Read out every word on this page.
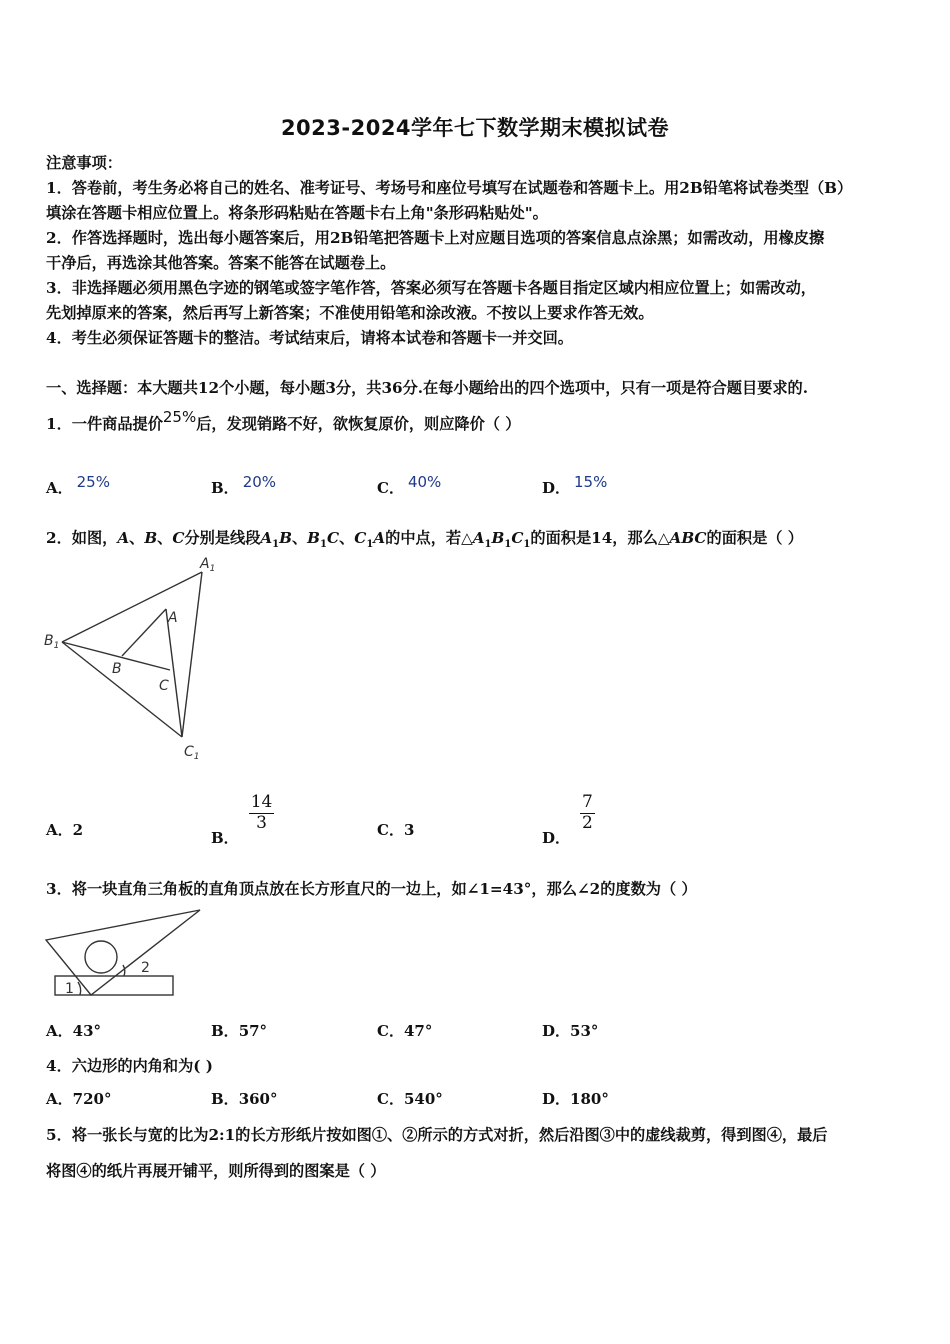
2023-2024学年七下数学期末模拟试卷
注意事项：
1．答卷前，考生务必将自己的姓名、准考证号、考场号和座位号填写在试题卷和答题卡上。用2B铅笔将试卷类型（B）
填涂在答题卡相应位置上。将条形码粘贴在答题卡右上角"条形码粘贴处"。
2．作答选择题时，选出每小题答案后，用2B铅笔把答题卡上对应题目选项的答案信息点涂黑；如需改动，用橡皮擦
干净后，再选涂其他答案。答案不能答在试题卷上。
3．非选择题必须用黑色字迹的钢笔或签字笔作答，答案必须写在答题卡各题目指定区域内相应位置上；如需改动，
先划掉原来的答案，然后再写上新答案；不准使用铅笔和涂改液。不按以上要求作答无效。
4．考生必须保证答题卡的整洁。考试结束后，请将本试卷和答题卡一并交回。
一、选择题：本大题共12个小题，每小题3分，共36分.在每小题给出的四个选项中，只有一项是符合题目要求的.
1．一件商品提价25%后，发现销路不好，欲恢复原价，则应降价（ ）
A． 25%	B． 20%	C． 40%	D． 15%
2．如图，A、B、C分别是线段$A_1B$、$B_1C$、$C_1A$的中点，若$\triangle A_1B_1C_1$的面积是14，那么△ABC的面积是（ ）
$A_1$
$B_1$
$C_1$
A
B
C
A．2	B．
$\frac{14}{3}$	C．3	D．
$\frac{7}{2}$
3．将一块直角三角板的直角顶点放在长方形直尺的一边上，如∠1=43°，那么∠2的度数为（ ）
2
1
A．43°	B．57°	C．47°	D．53°
4．六边形的内角和为( )
A．720°	B．360°	C．540°	D．180°
5．将一张长与宽的比为2:1的长方形纸片按如图①、②所示的方式对折，然后沿图③中的虚线裁剪，得到图④，最后
将图④的纸片再展开铺平，则所得到的图案是（ ）
